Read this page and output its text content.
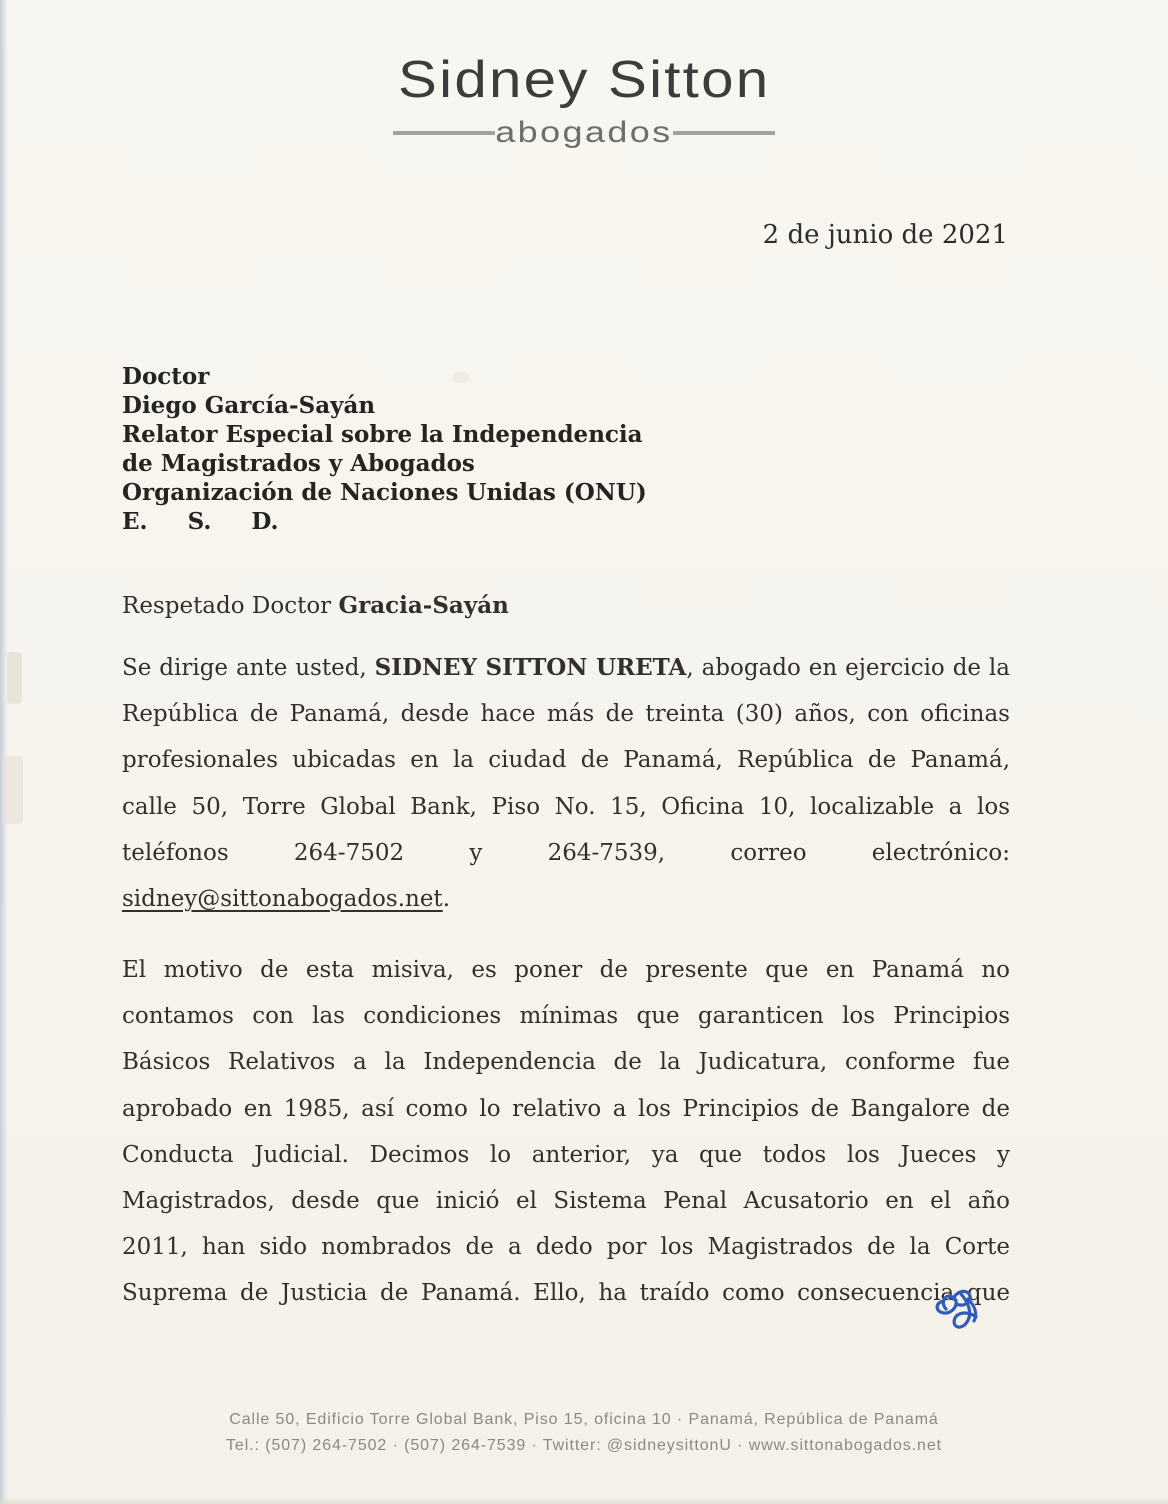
Sidney Sitton
abogados
2 de junio de 2021
Doctor
Diego García-Sayán
Relator Especial sobre la Independencia
de Magistrados y Abogados
Organización de Naciones Unidas (ONU)
E.     S.     D.
Respetado Doctor Gracia-Sayán
Se dirige ante usted, SIDNEY SITTON URETA, abogado en ejercicio de la
República de Panamá, desde hace más de treinta (30) años, con oficinas
profesionales ubicadas en la ciudad de Panamá, República de Panamá,
calle 50, Torre Global Bank, Piso No. 15, Oficina 10, localizable a los
teléfonos 264-7502 y 264-7539, correo electrónico:
sidney@sittonabogados.net.
El motivo de esta misiva, es poner de presente que en Panamá no
contamos con las condiciones mínimas que garanticen los Principios
Básicos Relativos a la Independencia de la Judicatura, conforme fue
aprobado en 1985, así como lo relativo a los Principios de Bangalore de
Conducta Judicial. Decimos lo anterior, ya que todos los Jueces y
Magistrados, desde que inició el Sistema Penal Acusatorio en el año
2011, han sido nombrados de a dedo por los Magistrados de la Corte
Suprema de Justicia de Panamá. Ello, ha traído como consecuencia que
Calle 50, Edificio Torre Global Bank, Piso 15, oficina 10 · Panamá, República de Panamá
Tel.: (507) 264-7502 · (507) 264-7539 · Twitter: @sidneysittonU · www.sittonabogados.net
